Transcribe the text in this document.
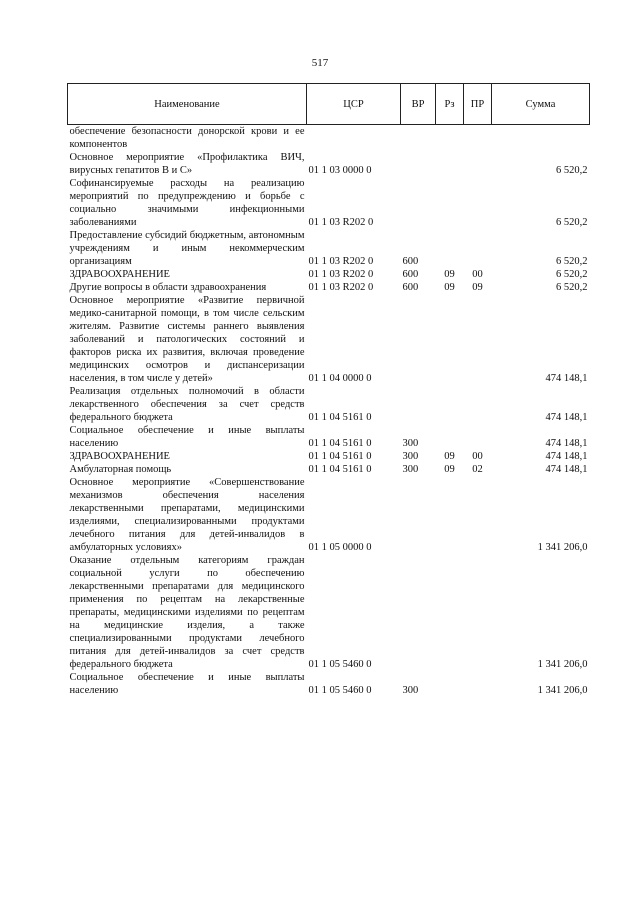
517
Наименование	ЦСР	ВР	Рз	ПР	Сумма
обеспечение безопасности донорской крови и ее компонентов					
Основное мероприятие «Профилактика ВИЧ, вирусных гепатитов В и С»	01 1 03 0000 0				6 520,2
Софинансируемые расходы на реализацию мероприятий по предупреждению и борьбе с социально значимыми инфекционными заболеваниями	01 1 03 R202 0				6 520,2
Предоставление субсидий бюджетным, автономным учреждениям и иным некоммерческим организациям	01 1 03 R202 0	600			6 520,2
ЗДРАВООХРАНЕНИЕ	01 1 03 R202 0	600	09	00	6 520,2
Другие вопросы в области здравоохранения	01 1 03 R202 0	600	09	09	6 520,2
Основное мероприятие «Развитие первичной медико-санитарной помощи, в том числе сельским жителям. Развитие системы раннего выявления заболеваний и патологических состояний и факторов риска их развития, включая проведение медицинских осмотров и диспансеризации населения, в том числе у детей»	01 1 04 0000 0				474 148,1
Реализация отдельных полномочий в области лекарственного обеспечения за счет средств федерального бюджета	01 1 04 5161 0				474 148,1
Социальное обеспечение и иные выплаты населению	01 1 04 5161 0	300			474 148,1
ЗДРАВООХРАНЕНИЕ	01 1 04 5161 0	300	09	00	474 148,1
Амбулаторная помощь	01 1 04 5161 0	300	09	02	474 148,1
Основное мероприятие «Совершенствование механизмов обеспечения населения лекарственными препаратами, медицинскими изделиями, специализированными продуктами лечебного питания для детей-инвалидов в амбулаторных условиях»	01 1 05 0000 0				1 341 206,0
Оказание отдельным категориям граждан социальной услуги по обеспечению лекарственными препаратами для медицинского применения по рецептам на лекарственные препараты, медицинскими изделиями по рецептам на медицинские изделия, а также специализированными продуктами лечебного питания для детей-инвалидов за счет средств федерального бюджета	01 1 05 5460 0				1 341 206,0
Социальное обеспечение и иные выплаты населению	01 1 05 5460 0	300			1 341 206,0
